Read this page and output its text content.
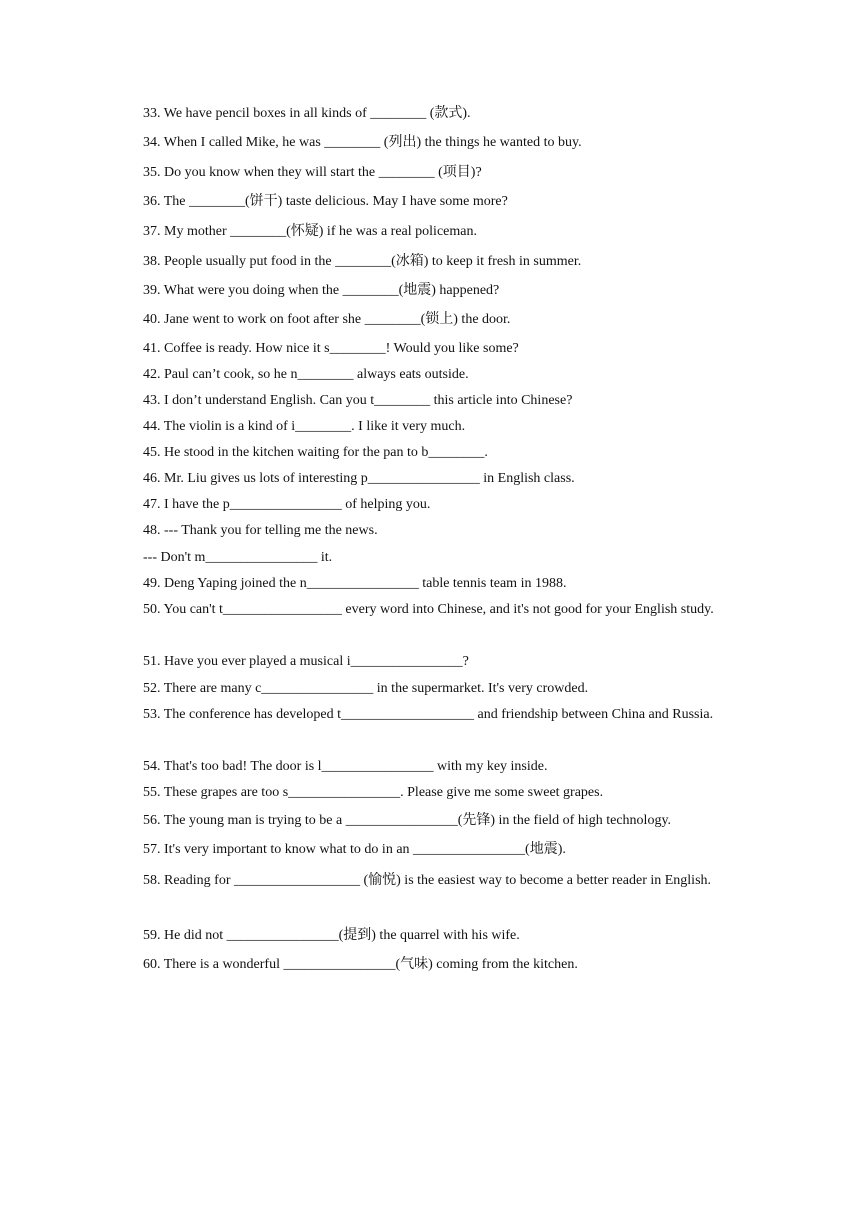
33. We have pencil boxes in all kinds of ________ (款式).
34. When I called Mike, he was ________ (列出) the things he wanted to buy.
35. Do you know when they will start the ________ (项目)?
36. The ________(饼干) taste delicious. May I have some more?
37. My mother ________(怀疑) if he was a real policeman.
38. People usually put food in the ________(冰箱) to keep it fresh in summer.
39. What were you doing when the ________(地震) happened?
40. Jane went to work on foot after she ________(锁上) the door.
41. Coffee is ready. How nice it s________! Would you like some?
42. Paul can’t cook, so he n________ always eats outside.
43. I don’t understand English. Can you t________ this article into Chinese?
44. The violin is a kind of i________. I like it very much.
45. He stood in the kitchen waiting for the pan to b________.
46. Mr. Liu gives us lots of interesting p________________ in English class.
47. I have the p________________ of helping you.
48. --- Thank you for telling me the news.
--- Don't m________________ it.
49. Deng Yaping joined the n________________ table tennis team in 1988.
50. You can't t_________________ every word into Chinese, and it's not good for your English study.
51. Have you ever played a musical i________________?
52. There are many c________________ in the supermarket. It's very crowded.
53. The conference has developed t___________________ and friendship between China and Russia.
54. That's too bad! The door is l________________ with my key inside.
55. These grapes are too s________________. Please give me some sweet grapes.
56. The young man is trying to be a ________________(先锋) in the field of high technology.
57. It's very important to know what to do in an ________________(地震).
58. Reading for __________________ (愉悦) is the easiest way to become a better reader in English.
59. He did not ________________(提到) the quarrel with his wife.
60. There is a wonderful ________________(气味) coming from the kitchen.
